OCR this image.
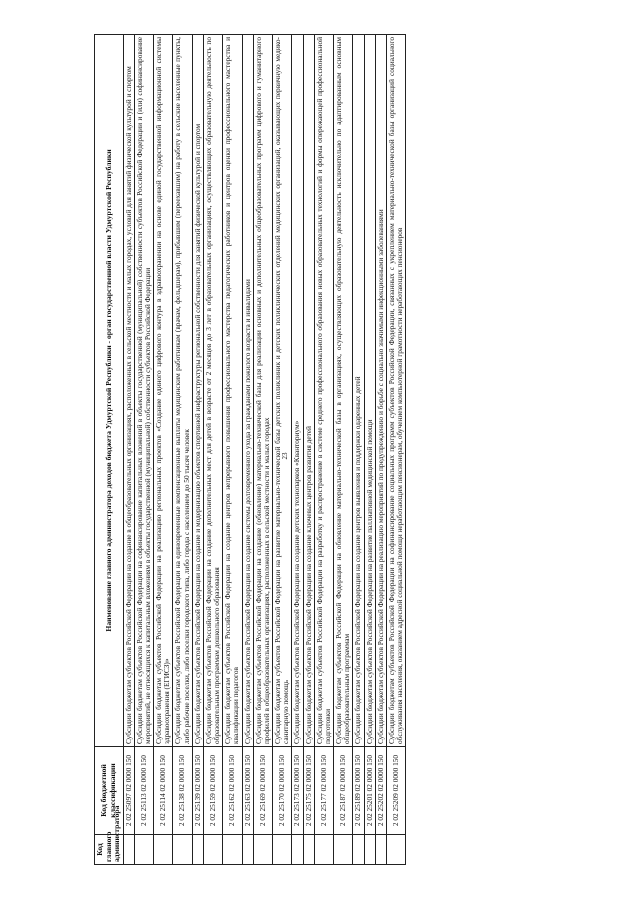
23
Код главного администратора	Код бюджетной классификации	Наименование главного администратора доходов бюджета Удмуртской Республики - орган государственной власти Удмуртской Республики
	2 02 25097 02 0000 150	Субсидии бюджетам субъектов Российской Федерации на создание в общеобразовательных организациях, расположенных в сельской местности и малых городах, условий для занятий физической культурой и спортом
	2 02 25113 02 0000 150	Субсидии бюджетам субъектов Российской Федерации на софинансирование капитальных вложений в объекты государственной (муниципальной) собственности субъектов Российской Федерации и (или) софинансирование мероприятий, не относящихся к капитальным вложениям в объекты государственной (муниципальной) собственности субъектов Российской Федерации
	2 02 25114 02 0000 150	Субсидии бюджетам субъектов Российской Федерации на реализацию региональных проектов «Создание единого цифрового контура в здравоохранении на основе единой государственной информационной системы здравоохранения (ЕГИСЗ)»
	2 02 25138 02 0000 150	Субсидии бюджетам субъектов Российской Федерации на единовременные компенсационные выплаты медицинским работникам (врачам, фельдшерам), прибывшим (переехавшим) на работу в сельские населенные пункты, либо рабочие поселки, либо поселки городского типа, либо города с населением до 50 тысяч человек
	2 02 25139 02 0000 150	Субсидии бюджетам субъектов Российской Федерации на создание и модернизацию объектов спортивной инфраструктуры региональной собственности для занятий физической культурой и спортом
	2 02 25159 02 0000 150	Субсидии бюджетам субъектов Российской Федерации на создание дополнительных мест для детей в возрасте от 2 месяцев до 3 лет в образовательных организациях, осуществляющих образовательную деятельность по образовательным программам дошкольного образования
	2 02 25162 02 0000 150	Субсидии бюджетам субъектов Российской Федерации на создание центров непрерывного повышения профессионального мастерства педагогических работников и центров оценки профессионального мастерства и квалификации педагогов
	2 02 25163 02 0000 150	Субсидии бюджетам субъектов Российской Федерации на создание системы долговременного ухода за гражданами пожилого возраста и инвалидами
	2 02 25169 02 0000 150	Субсидии бюджетам субъектов Российской Федерации на создание (обновление) материально-технической базы для реализации основных и дополнительных общеобразовательных программ цифрового и гуманитарного профилей в общеобразовательных организациях, расположенных в сельской местности и малых городах
	2 02 25170 02 0000 150	Субсидии бюджетам субъектов Российской Федерации на развитие материально-технической базы детских поликлиник и детских поликлинических отделений медицинских организаций, оказывающих первичную медико-санитарную помощь
	2 02 25173 02 0000 150	Субсидии бюджетам субъектов Российской Федерации на создание детских технопарков «Кванториум»
	2 02 25175 02 0000 150	Субсидии бюджетам субъектов Российской Федерации на создание ключевых центров развития детей
	2 02 25177 02 0000 150	Субсидии бюджетам субъектов Российской Федерации на разработку и распространение в системе среднего профессионального образования новых образовательных технологий и формы опережающей профессиональной подготовки
	2 02 25187 02 0000 150	Субсидии бюджетам субъектов Российской Федерации на обновление материально-технической базы в организациях, осуществляющих образовательную деятельность исключительно по адаптированным основным общеобразовательным программам
	2 02 25189 02 0000 150	Субсидии бюджетам субъектов Российской Федерации на создание центров выявления и поддержки одаренных детей
	2 02 25201 02 0000 150	Субсидии бюджетам субъектов Российской Федерации на развитие паллиативной медицинской помощи
	2 02 25202 02 0000 150	Субсидии бюджетам субъектов Российской Федерации на реализацию мероприятий по предупреждению и борьбе с социально значимыми инфекционными заболеваниями
	2 02 25209 02 0000 150	Субсидии бюджетам субъектов Российской Федерации на софинансирование социальных программ субъектов Российской Федерации, связанных с укреплением материально-технической базы организаций социального обслуживания населения, оказанием адресной социальной помощи неработающим пенсионерам, обучением компьютерной грамотности неработающих пенсионеров
